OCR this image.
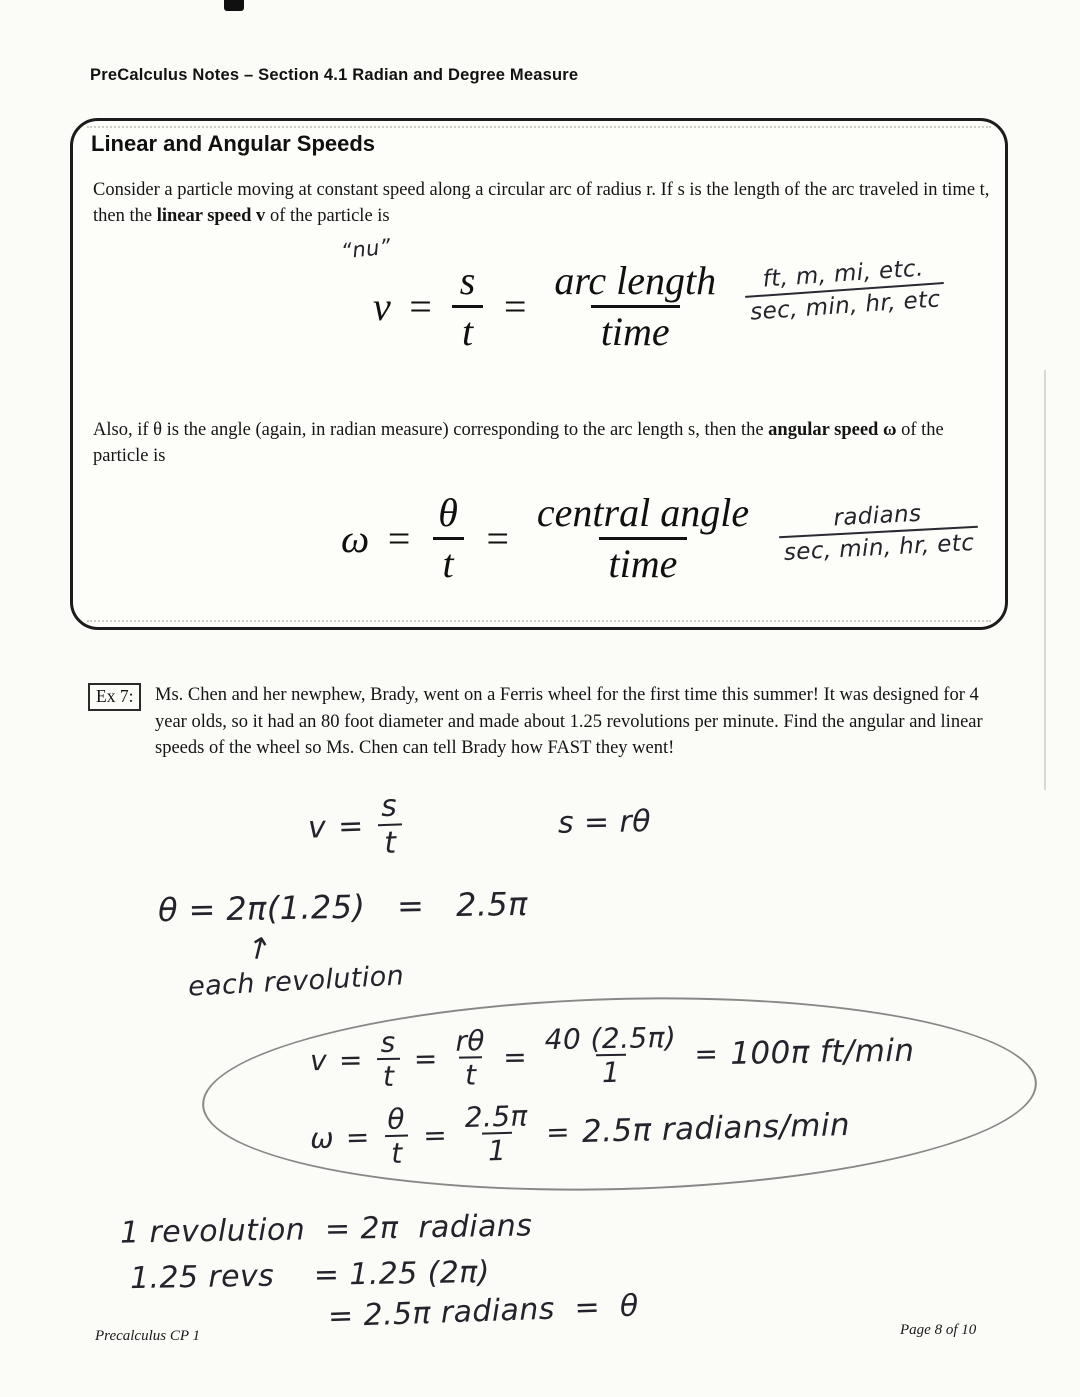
PreCalculus Notes – Section 4.1 Radian and Degree Measure
Linear and Angular Speeds
Consider a particle moving at constant speed along a circular arc of radius r. If s is the length of the arc traveled in time t, then the linear speed v of the particle is
“nu”
$v = \frac{s}{t} = \frac{\text{arc length}}{\text{time}}$ ft, m, mi, etc.
sec, min, hr, etc
Also, if θ is the angle (again, in radian measure) corresponding to the arc length s, then the angular speed ω of the particle is
$\omega = \frac{\theta}{t} = \frac{\text{central angle}}{\text{time}}$	radians
sec, min, hr, etc
Ex 7:	Ms. Chen and her newphew, Brady, went on a Ferris wheel for the first time this summer! It was designed for 4 year olds, so it had an 80 foot diameter and made about 1.25 revolutions per minute. Find the angular and linear speeds of the wheel so Ms. Chen can tell Brady how FAST they went!
$v = \frac{s}{t}$	s = rθ
θ = 2π(1.25)   =   2.5π
↑
each revolution
$v = \frac{s}{t} = \frac{r\theta}{t} = \frac{40 (2.5\pi)}{1} = 100\pi$ ft/min
$\omega = \frac{\theta}{t} = \frac{2.5\pi}{1} = 2.5\pi$ radians/min
1 revolution  = 2π  radians
1.25 revs    = 1.25 (2π)
= 2.5π radians  =  θ
Precalculus CP 1	Page 8 of 10
